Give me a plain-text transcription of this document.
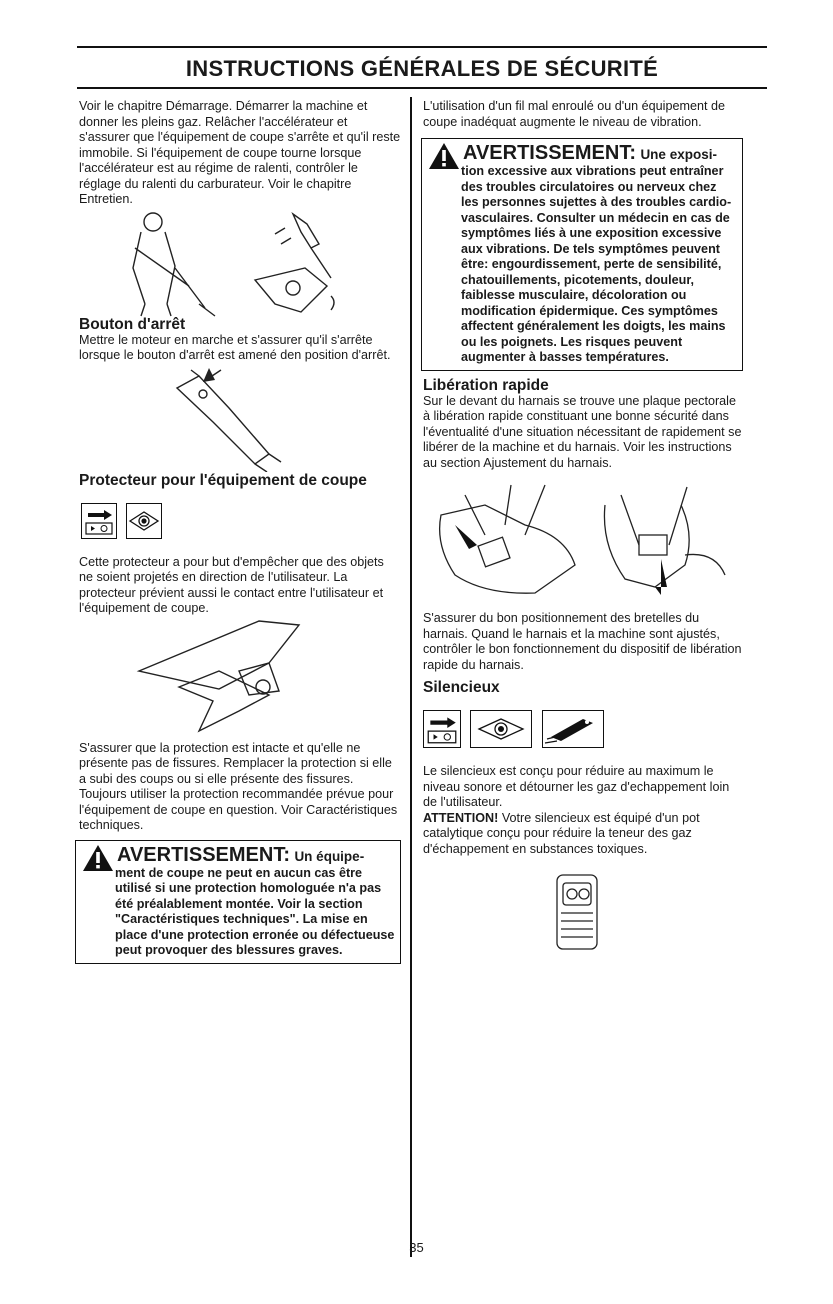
INSTRUCTIONS GÉNÉRALES DE SÉCURITÉ

Voir le chapitre Démarrage. Démarrer la machine et donner les pleins gaz. Relâcher l'accélérateur et s'assurer que l'équipement de coupe s'arrête et qu'il reste immobile. Si l'équipement de coupe tourne lorsque l'accélérateur est au régime de ralenti, contrôler le réglage du ralenti du carburateur. Voir le chapitre Entretien.

Bouton d'arrêt

Mettre le moteur en marche et s'assurer qu'il s'arrête lorsque le bouton d'arrêt est amené den position d'arrêt.

Protecteur pour l'équipement de coupe

Cette protecteur a pour but d'empêcher que des objets ne soient projetés en direction de l'utilisateur. La protecteur prévient aussi le contact entre l'utilisateur et l'équipement de coupe.

S'assurer que la protection est intacte et qu'elle ne présente pas de fissures. Remplacer la protection si elle a subi des coups ou si elle présente des fissures. Toujours utiliser la protection recommandée prévue pour l'équipement de coupe en question. Voir Caractéristiques techniques.

AVERTISSEMENT: Un équipe-
ment de coupe ne peut en aucun cas être utilisé si une protection homologuée n'a pas été préalablement montée. Voir la section "Caractéristiques techniques". La mise en place d'une protection erronée ou défectueuse peut provoquer des blessures graves.

L'utilisation d'un fil mal enroulé ou d'un équipement de coupe inadéquat augmente le niveau de vibration.

AVERTISSEMENT: Une exposi-
tion excessive aux vibrations peut entraîner des troubles circulatoires ou nerveux chez les personnes sujettes à des troubles cardio-vasculaires. Consulter un médecin en cas de symptômes liés à une exposition excessive aux vibrations. De tels symptômes peuvent être: engourdissement, perte de sensibilité, chatouillements, picotements, douleur, faiblesse musculaire, décoloration ou modification épidermique. Ces symptômes affectent généralement les doigts, les mains ou les poignets. Les risques peuvent augmenter à basses températures.
Libération rapide

Sur le devant du harnais se trouve une plaque pectorale à libération rapide constituant une bonne sécurité dans l'éventualité d'une situation nécessitant de rapidement se libérer de la machine et du harnais. Voir les instructions au section Ajustement du harnais.

S'assurer du bon positionnement des bretelles du harnais. Quand le harnais et la machine sont ajustés, contrôler le bon fonctionnement du dispositif de libération rapide du harnais.

Silencieux

Le silencieux est conçu pour réduire au maximum le niveau sonore et détourner les gaz d'echappement loin de l'utilisateur.

ATTENTION! Votre silencieux est équipé d'un pot catalytique conçu pour réduire la teneur des gaz d'échappement en substances toxiques.

35
